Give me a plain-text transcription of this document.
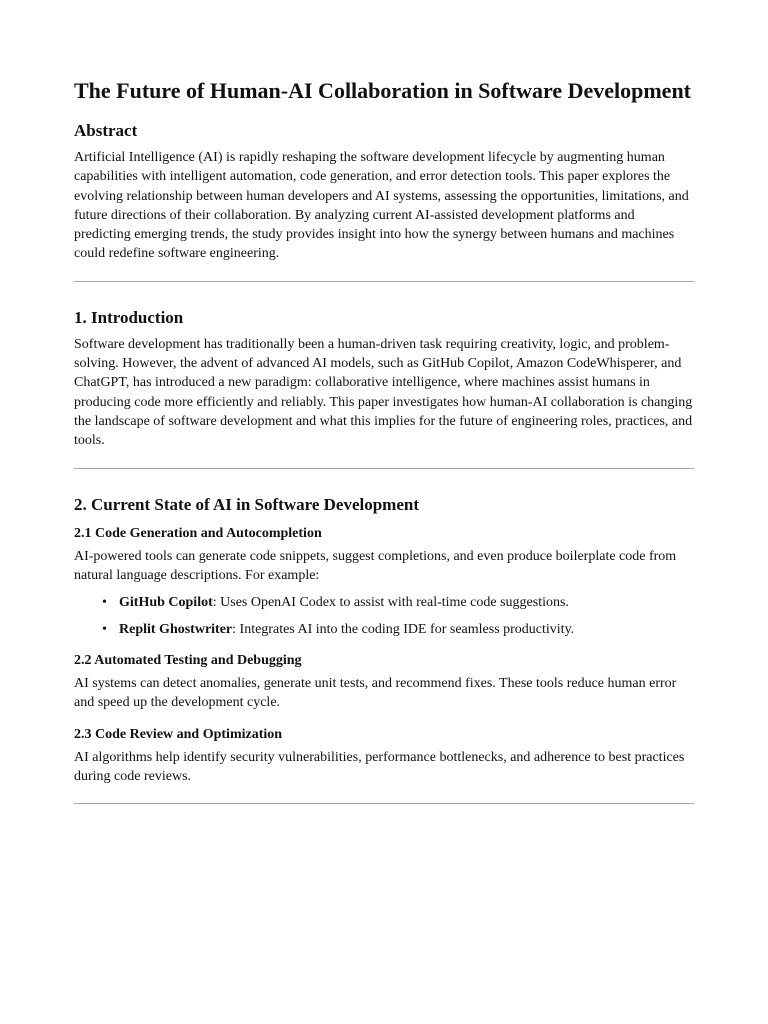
The Future of Human-AI Collaboration in Software Development
Abstract

Artificial Intelligence (AI) is rapidly reshaping the software development lifecycle by augmenting human capabilities with intelligent automation, code generation, and error detection tools. This paper explores the evolving relationship between human developers and AI systems, assessing the opportunities, limitations, and future directions of their collaboration. By analyzing current AI-assisted development platforms and predicting emerging trends, the study provides insight into how the synergy between humans and machines could redefine software engineering.

1. Introduction

Software development has traditionally been a human-driven task requiring creativity, logic, and problem-solving. However, the advent of advanced AI models, such as GitHub Copilot, Amazon CodeWhisperer, and ChatGPT, has introduced a new paradigm: collaborative intelligence, where machines assist humans in producing code more efficiently and reliably. This paper investigates how human-AI collaboration is changing the landscape of software development and what this implies for the future of engineering roles, practices, and tools.

2. Current State of AI in Software Development
2.1 Code Generation and Autocompletion

AI-powered tools can generate code snippets, suggest completions, and even produce boilerplate code from natural language descriptions. For example:

• GitHub Copilot: Uses OpenAI Codex to assist with real-time code suggestions.
• Replit Ghostwriter: Integrates AI into the coding IDE for seamless productivity.
2.2 Automated Testing and Debugging

AI systems can detect anomalies, generate unit tests, and recommend fixes. These tools reduce human error and speed up the development cycle.

2.3 Code Review and Optimization

AI algorithms help identify security vulnerabilities, performance bottlenecks, and adherence to best practices during code reviews.
